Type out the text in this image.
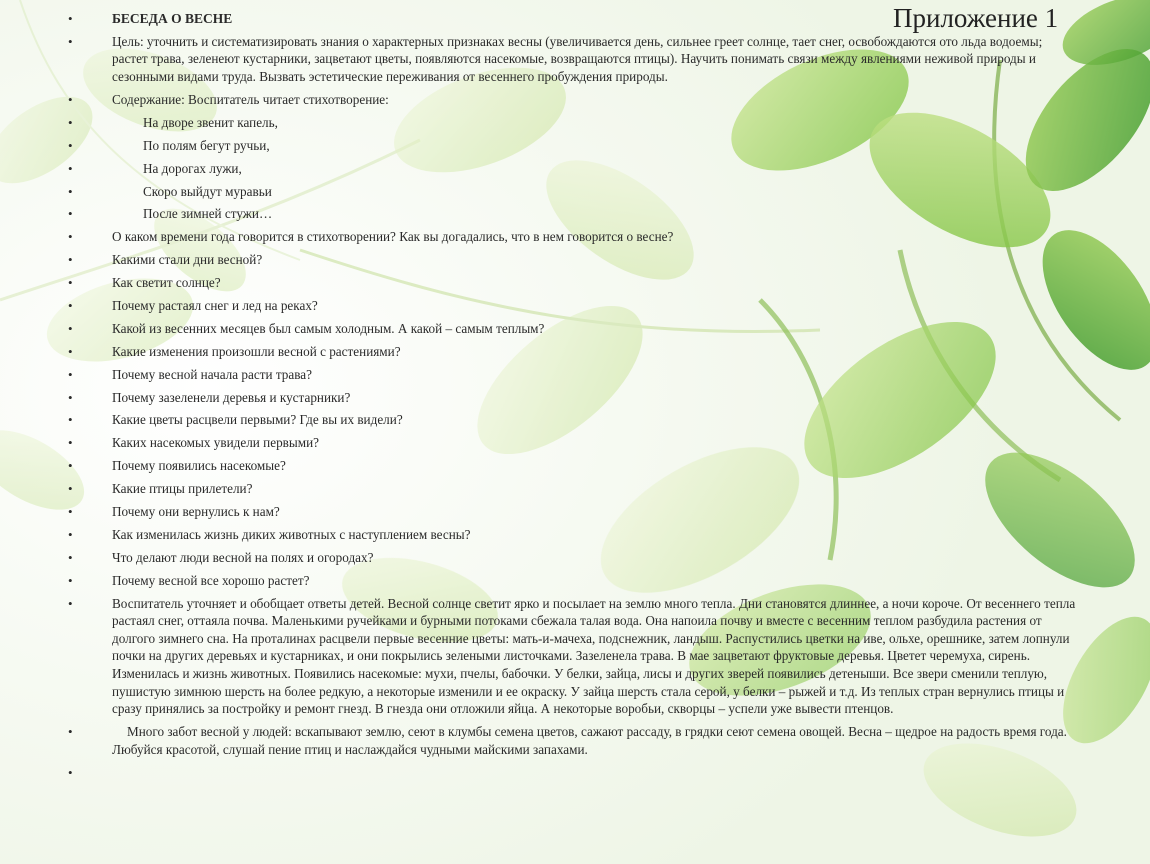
Приложение 1
•	БЕСЕДА О ВЕСНЕ
•	Цель: уточнить и систематизировать знания о характерных признаках весны (увеличивается день, сильнее греет солнце, тает снег, освобождаются ото льда водоемы; растет трава, зеленеют кустарники, зацветают цветы, появляются насекомые, возвращаются птицы). Научить понимать связи между явлениями неживой природы и сезонными видами труда. Вызвать эстетические переживания от весеннего пробуждения природы.
•	Содержание: Воспитатель читает стихотворение:
•	На дворе звенит капель,
•	По полям бегут ручьи,
•	На дорогах лужи,
•	Скоро выйдут муравьи
•	После зимней стужи…
•	О каком времени года говорится в стихотворении? Как вы догадались, что в нем говорится о весне?
•	Какими стали дни весной?
•	Как светит солнце?
•	Почему растаял снег и лед на реках?
•	Какой из весенних месяцев был самым холодным. А какой – самым теплым?
•	Какие изменения произошли весной с растениями?
•	Почему весной начала расти трава?
•	Почему зазеленели деревья и кустарники?
•	Какие цветы расцвели первыми? Где вы их видели?
•	Каких насекомых увидели первыми?
•	Почему появились насекомые?
•	Какие птицы прилетели?
•	Почему они вернулись к нам?
•	Как изменилась жизнь диких животных с наступлением весны?
•	Что делают люди весной на полях и огородах?
•	Почему весной все хорошо растет?
•	Воспитатель уточняет и обобщает ответы детей. Весной солнце светит ярко и посылает на землю много тепла. Дни становятся длиннее, а ночи короче. От весеннего тепла растаял снег, оттаяла почва. Маленькими ручейками и бурными потоками сбежала талая вода. Она напоила почву и вместе с весенним теплом разбудила растения от долгого зимнего сна. На проталинах расцвели первые весенние цветы: мать-и-мачеха, подснежник, ландыш. Распустились цветки на иве, ольхе, орешнике, затем лопнули почки на других деревьях и кустарниках, и они покрылись зелеными листочками. Зазеленела трава. В мае зацветают фруктовые деревья. Цветет черемуха, сирень. Изменилась и жизнь животных. Появились насекомые: мухи, пчелы, бабочки. У белки, зайца, лисы и других зверей появились детеныши. Все звери сменили теплую, пушистую зимнюю шерсть на более редкую, а некоторые изменили и ее окраску. У зайца шерсть стала серой, у белки – рыжей и т.д. Из теплых стран вернулись птицы и сразу принялись за постройку и ремонт гнезд. В гнезда они отложили яйца. А некоторые воробьи, скворцы – успели уже вывести птенцов.
•	Много забот весной у людей: вскапывают землю, сеют в клумбы семена цветов, сажают рассаду, в грядки сеют семена овощей. Весна – щедрое на радость время года. Любуйся красотой, слушай пение птиц и наслаждайся чудными майскими запахами.
•
